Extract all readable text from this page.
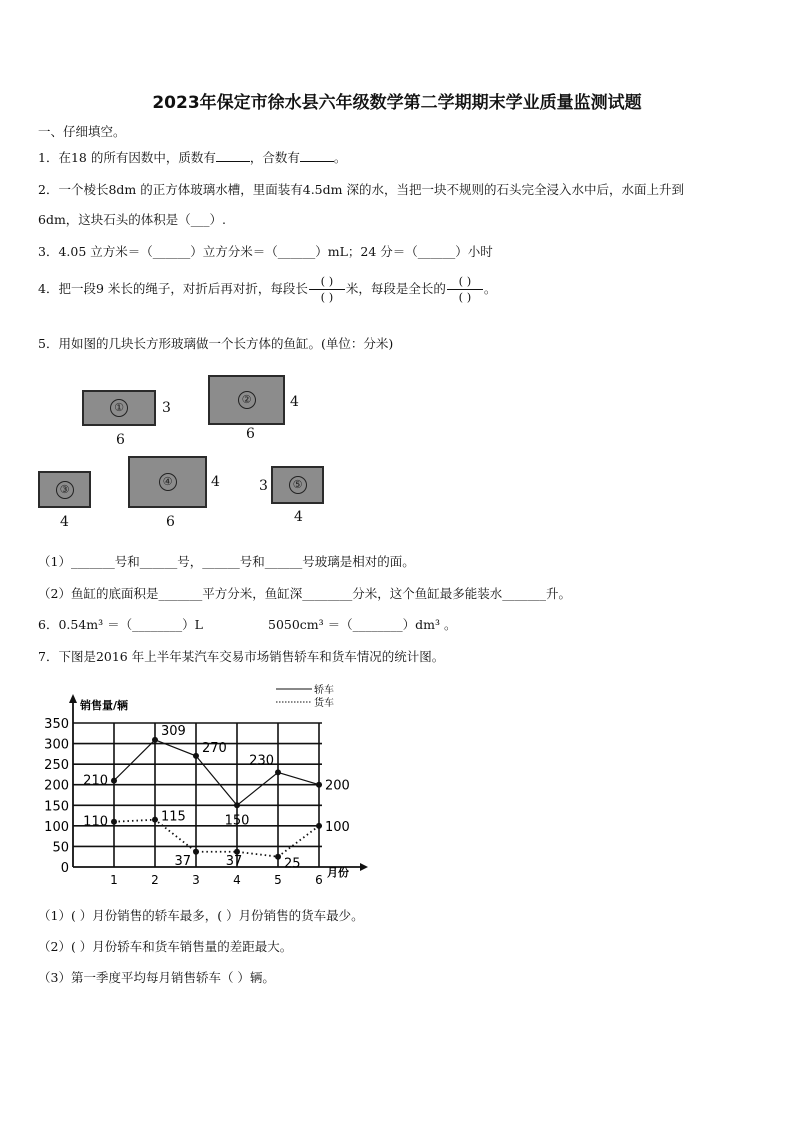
2023年保定市徐水县六年级数学第二学期期末学业质量监测试题
一、仔细填空。
1．在18 的所有因数中，质数有	，合数有	。
2．一个棱长8dm 的正方体玻璃水槽，里面装有4.5dm 深的水，当把一块不规则的石头完全浸入水中后，水面上升到
6dm，这块石头的体积是（___）.
3．4.05 立方米＝（______）立方分米＝（______）mL；24 分＝（______）小时
4．把一段9 米长的绳子，对折后再对折，每段长 $\frac{( )}{( )}$ 米，每段是全长的 $\frac{( )}{( )}$ 。
5．用如图的几块长方形玻璃做一个长方体的鱼缸。(单位：分米)
①	3
6
②	4
6
③
4
④	4
6
⑤
3
4
（1）_______号和______号，______号和______号玻璃是相对的面。
（2）鱼缸的底面积是_______平方分米，鱼缸深________分米，这个鱼缸最多能装水_______升。
6．0.54m³ ＝（________）L	5050cm³ ＝（________）dm³ 。
7．下图是2016 年上半年某汽车交易市场销售轿车和货车情况的统计图。
0
50
100
150
200
250
300
350
1	2	3	4	5	6
销售量/辆
月份
轿车
货车
210
309
270
150
230
200
110	115
37	37	25
100
（1）( ）月份销售的轿车最多，( ）月份销售的货车最少。
（2）( ）月份轿车和货车销售量的差距最大。
（3）第一季度平均每月销售轿车（ ）辆。
